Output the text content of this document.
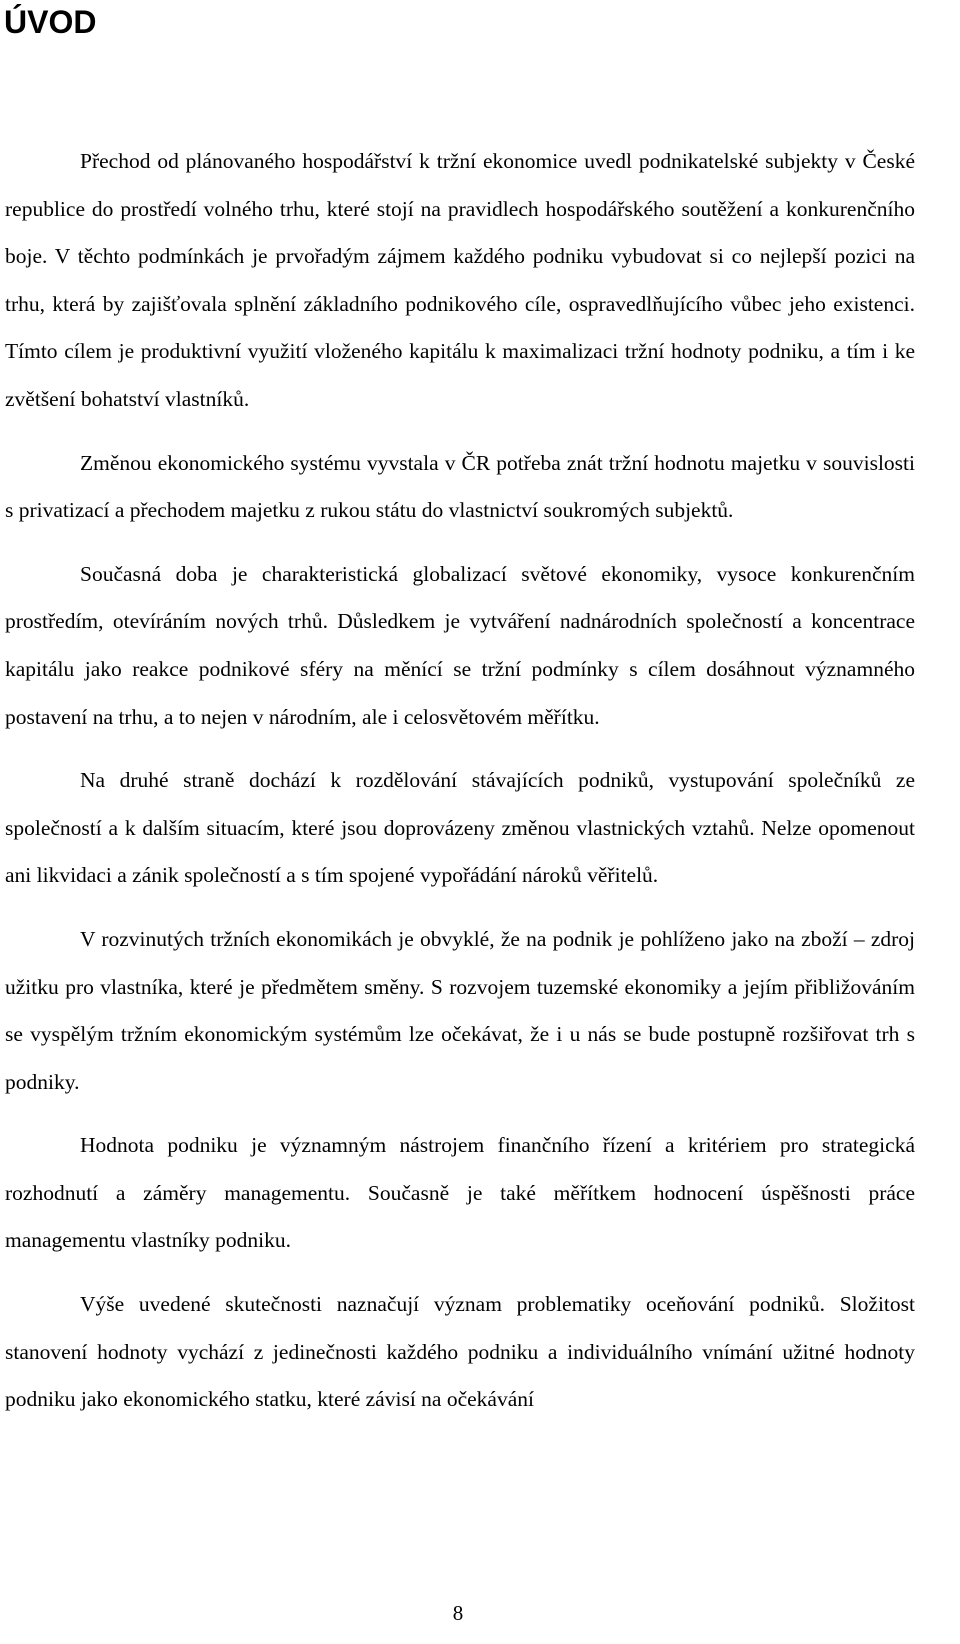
ÚVOD

Přechod od plánovaného hospodářství k tržní ekonomice uvedl podnikatelské subjekty v České republice do prostředí volného trhu, které stojí na pravidlech hospodářského soutěžení a konkurenčního boje. V těchto podmínkách je prvořadým zájmem každého podniku vybudovat si co nejlepší pozici na trhu, která by zajišťovala splnění základního podnikového cíle, ospravedlňujícího vůbec jeho existenci. Tímto cílem je produktivní využití vloženého kapitálu k maximalizaci tržní hodnoty podniku, a tím i ke zvětšení bohatství vlastníků.

Změnou ekonomického systému vyvstala v ČR potřeba znát tržní hodnotu majetku v souvislosti s privatizací a přechodem majetku z rukou státu do vlastnictví soukromých subjektů.

Současná doba je charakteristická globalizací světové ekonomiky, vysoce konkurenčním prostředím, otevíráním nových trhů. Důsledkem je vytváření nadnárodních společností a koncentrace kapitálu jako reakce podnikové sféry na měnící se tržní podmínky s cílem dosáhnout významného postavení na trhu, a to nejen v národním, ale i celosvětovém měřítku.

Na druhé straně dochází k rozdělování stávajících podniků, vystupování společníků ze společností a k dalším situacím, které jsou doprovázeny změnou vlastnických vztahů. Nelze opomenout ani likvidaci a zánik společností a s tím spojené vypořádání nároků věřitelů.

V rozvinutých tržních ekonomikách je obvyklé, že na podnik je pohlíženo jako na zboží – zdroj užitku pro vlastníka, které je předmětem směny. S rozvojem tuzemské ekonomiky a jejím přibližováním se vyspělým tržním ekonomickým systémům lze očekávat, že i u nás se bude postupně rozšiřovat trh s podniky.

Hodnota podniku je významným nástrojem finančního řízení a kritériem pro strategická rozhodnutí a záměry managementu. Současně je také měřítkem hodnocení úspěšnosti práce managementu vlastníky podniku.

Výše uvedené skutečnosti naznačují význam problematiky oceňování podniků. Složitost stanovení hodnoty vychází z jedinečnosti každého podniku a individuálního vnímání užitné hodnoty podniku jako ekonomického statku, které závisí na očekávání

8
